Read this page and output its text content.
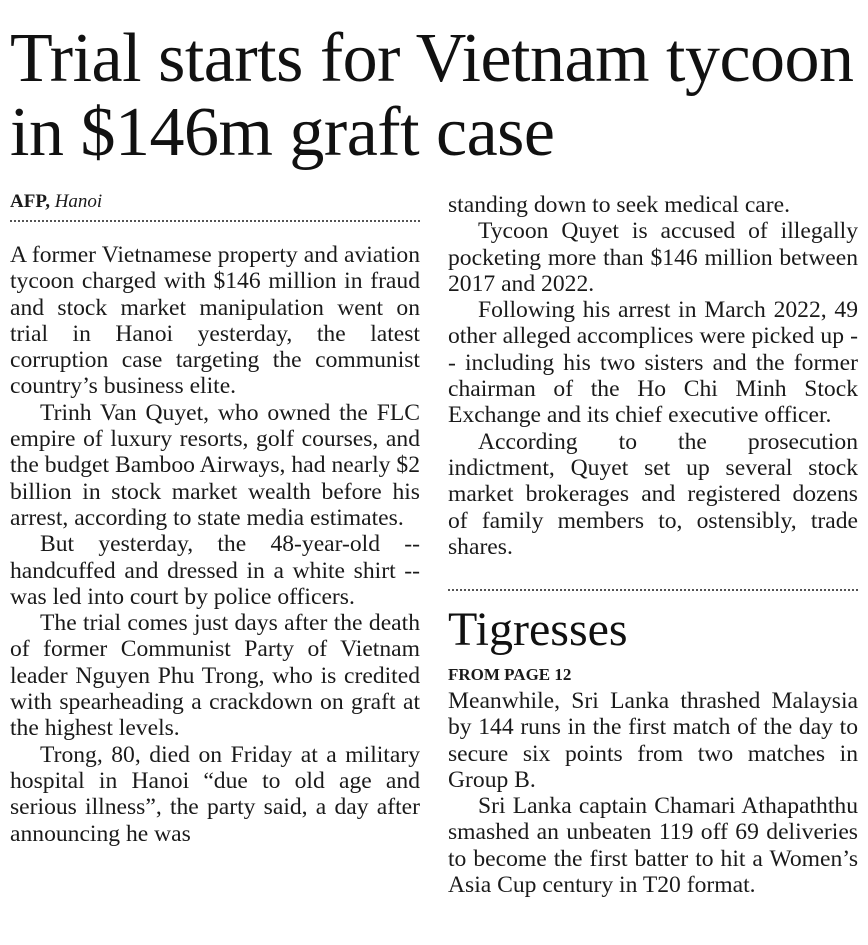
Trial starts for Vietnam tycoon in $146m graft case
AFP, Hanoi

A former Vietnamese property and aviation tycoon charged with $146 million in fraud and stock market manipulation went on trial in Hanoi yesterday, the latest corruption case targeting the communist country’s business elite.

Trinh Van Quyet, who owned the FLC empire of luxury resorts, golf courses, and the budget Bamboo Airways, had nearly $2 billion in stock market wealth before his arrest, according to state media estimates.

But yesterday, the 48-year-old -- handcuffed and dressed in a white shirt -- was led into court by police officers.

The trial comes just days after the death of former Communist Party of Vietnam leader Nguyen Phu Trong, who is credited with spearheading a crackdown on graft at the highest levels.

Trong, 80, died on Friday at a military hospital in Hanoi “due to old age and serious illness”, the party said, a day after announcing he was

standing down to seek medical care.

Tycoon Quyet is accused of illegally pocketing more than $146 million between 2017 and 2022.

Following his arrest in March 2022, 49 other alleged accomplices were picked up -- including his two sisters and the former chairman of the Ho Chi Minh Stock Exchange and its chief executive officer.

According to the prosecution indictment, Quyet set up several stock market brokerages and registered dozens of family members to, ostensibly, trade shares.

Tigresses
FROM PAGE 12

Meanwhile, Sri Lanka thrashed Malaysia by 144 runs in the first match of the day to secure six points from two matches in Group B.

Sri Lanka captain Chamari Athapaththu smashed an unbeaten 119 off 69 deliveries to become the first batter to hit a Women’s Asia Cup century in T20 format.
